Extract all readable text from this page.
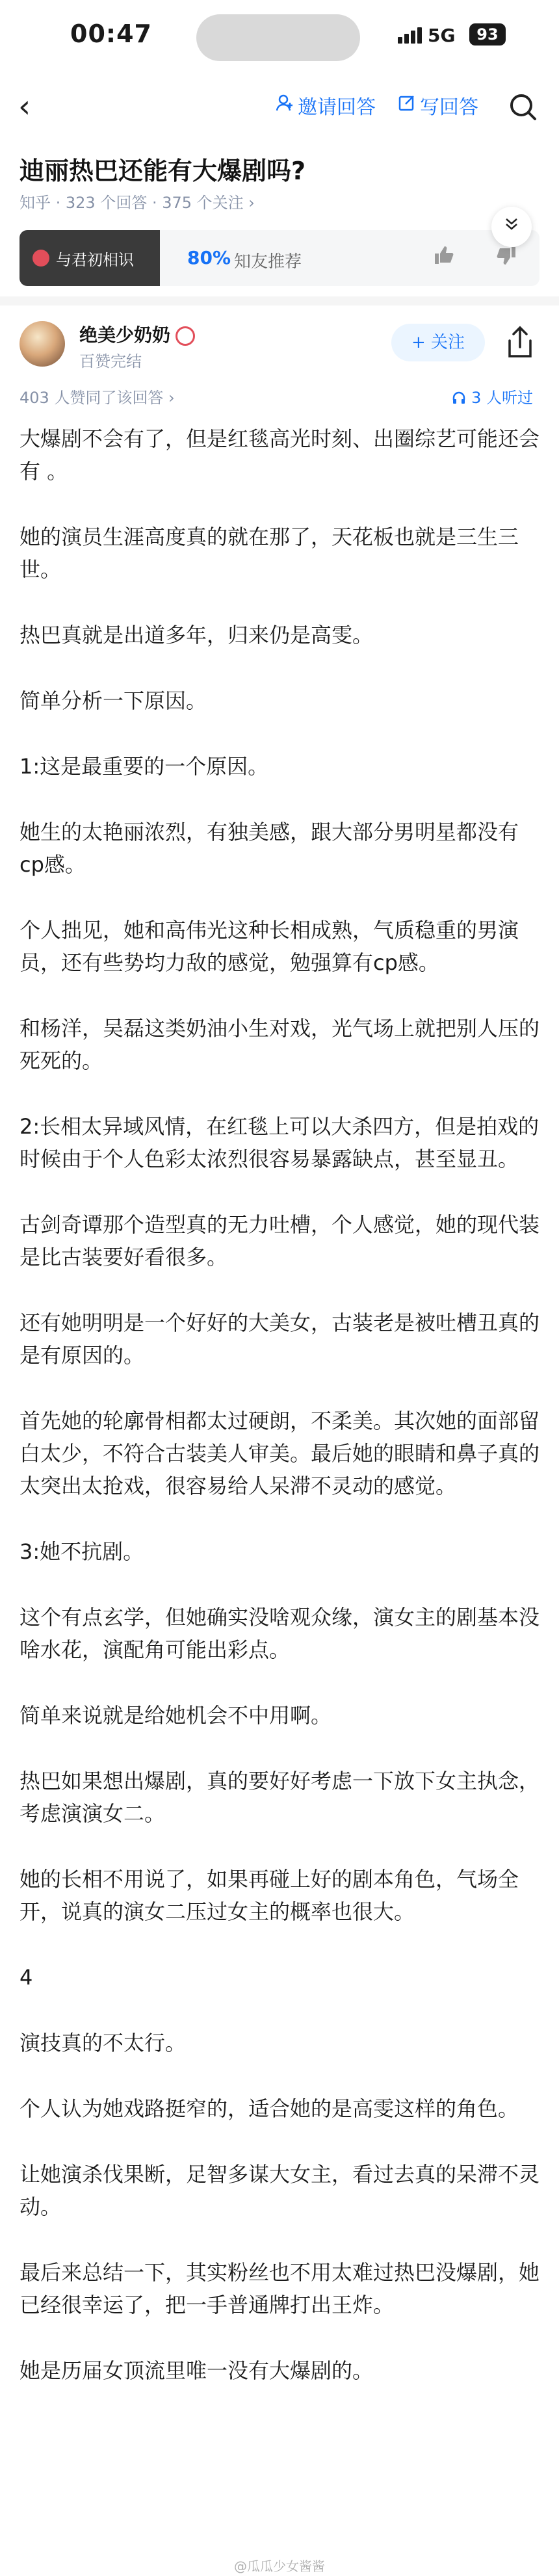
00:47	5G	93
‹	邀请回答 写回答
迪丽热巴还能有大爆剧吗?
知乎 · 323 个回答 · 375 个关注 ›
与君初相识	80% 知友推荐
绝美少奶奶
百赞完结
+ 关注
403 人赞同了该回答 ›	3 人听过

大爆剧不会有了，但是红毯高光时刻、出圈综艺可能还会有 。

她的演员生涯高度真的就在那了，天花板也就是三生三世。

热巴真就是出道多年，归来仍是高雯。

简单分析一下原因。

1:这是最重要的一个原因。

她生的太艳丽浓烈，有独美感，跟大部分男明星都没有cp感。

个人拙见，她和高伟光这种长相成熟，气质稳重的男演员，还有些势均力敌的感觉，勉强算有cp感。

和杨洋，吴磊这类奶油小生对戏，光气场上就把别人压的死死的。

2:长相太异域风情，在红毯上可以大杀四方，但是拍戏的时候由于个人色彩太浓烈很容易暴露缺点，甚至显丑。

古剑奇谭那个造型真的无力吐槽，个人感觉，她的现代装是比古装要好看很多。

还有她明明是一个好好的大美女，古装老是被吐槽丑真的是有原因的。

首先她的轮廓骨相都太过硬朗，不柔美。其次她的面部留白太少，不符合古装美人审美。最后她的眼睛和鼻子真的太突出太抢戏，很容易给人呆滞不灵动的感觉。

3:她不抗剧。

这个有点玄学，但她确实没啥观众缘，演女主的剧基本没啥水花，演配角可能出彩点。

简单来说就是给她机会不中用啊。

热巴如果想出爆剧，真的要好好考虑一下放下女主执念，考虑演演女二。

她的长相不用说了，如果再碰上好的剧本角色，气场全开，说真的演女二压过女主的概率也很大。

4

演技真的不太行。

个人认为她戏路挺窄的，适合她的是高雯这样的角色。

让她演杀伐果断，足智多谋大女主，看过去真的呆滞不灵动。

最后来总结一下，其实粉丝也不用太难过热巴没爆剧，她已经很幸运了，把一手普通牌打出王炸。

她是历届女顶流里唯一没有大爆剧的。

@瓜瓜少女酱酱
